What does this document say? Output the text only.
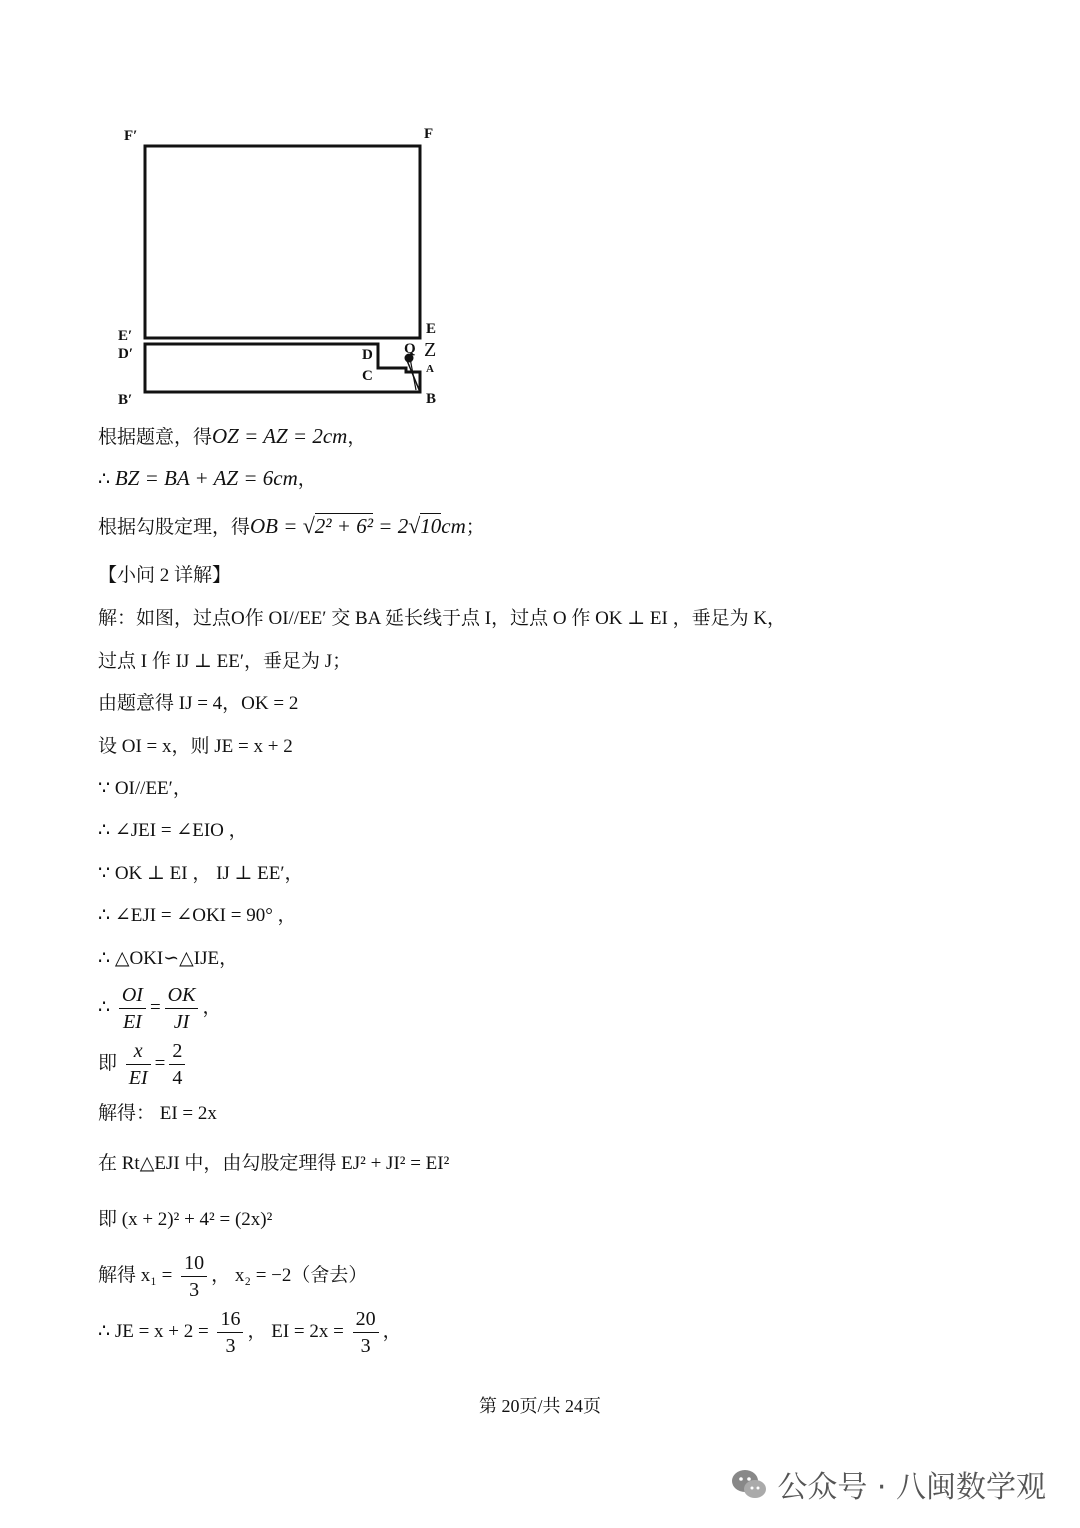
F′	F
E′	E
D′	D Q Z
C	A
B′	B
根据题意，得OZ = AZ = 2cm，
∴ BZ = BA + AZ = 6cm，
根据勾股定理，得OB = √2² + 6² = 2√10cm；
【小问 2 详解】
解：如图，过点O作 OI//EE′ 交 BA 延长线于点 I，过点 O 作 OK ⊥ EI ，垂足为 K，
过点 I 作 IJ ⊥ EE′，垂足为 J；
由题意得 IJ = 4，OK = 2
设 OI = x，则 JE = x + 2
∵ OI//EE′，
∴ ∠JEI = ∠EIO ，
∵ OK ⊥ EI ， IJ ⊥ EE′，
∴ ∠EJI = ∠OKI = 90° ，
∴ △OKI∽△IJE，
∴ $\frac{OI}{EI} = \frac{OK}{JI}$ ，
即 $\frac{x}{EI} = \frac{2}{4}$
解得： EI = 2x
在 Rt△EJI 中，由勾股定理得 EJ² + JI² = EI²
即 (x + 2)² + 4² = (2x)²
解得 $x_1 = \frac{10}{3}$ ， x₂ = −2（舍去）
∴ JE = $x + 2 = \frac{16}{3}$ ， EI = $2x = \frac{20}{3}$ ，
第 20页/共 24页
公众号 · 八闽数学观
